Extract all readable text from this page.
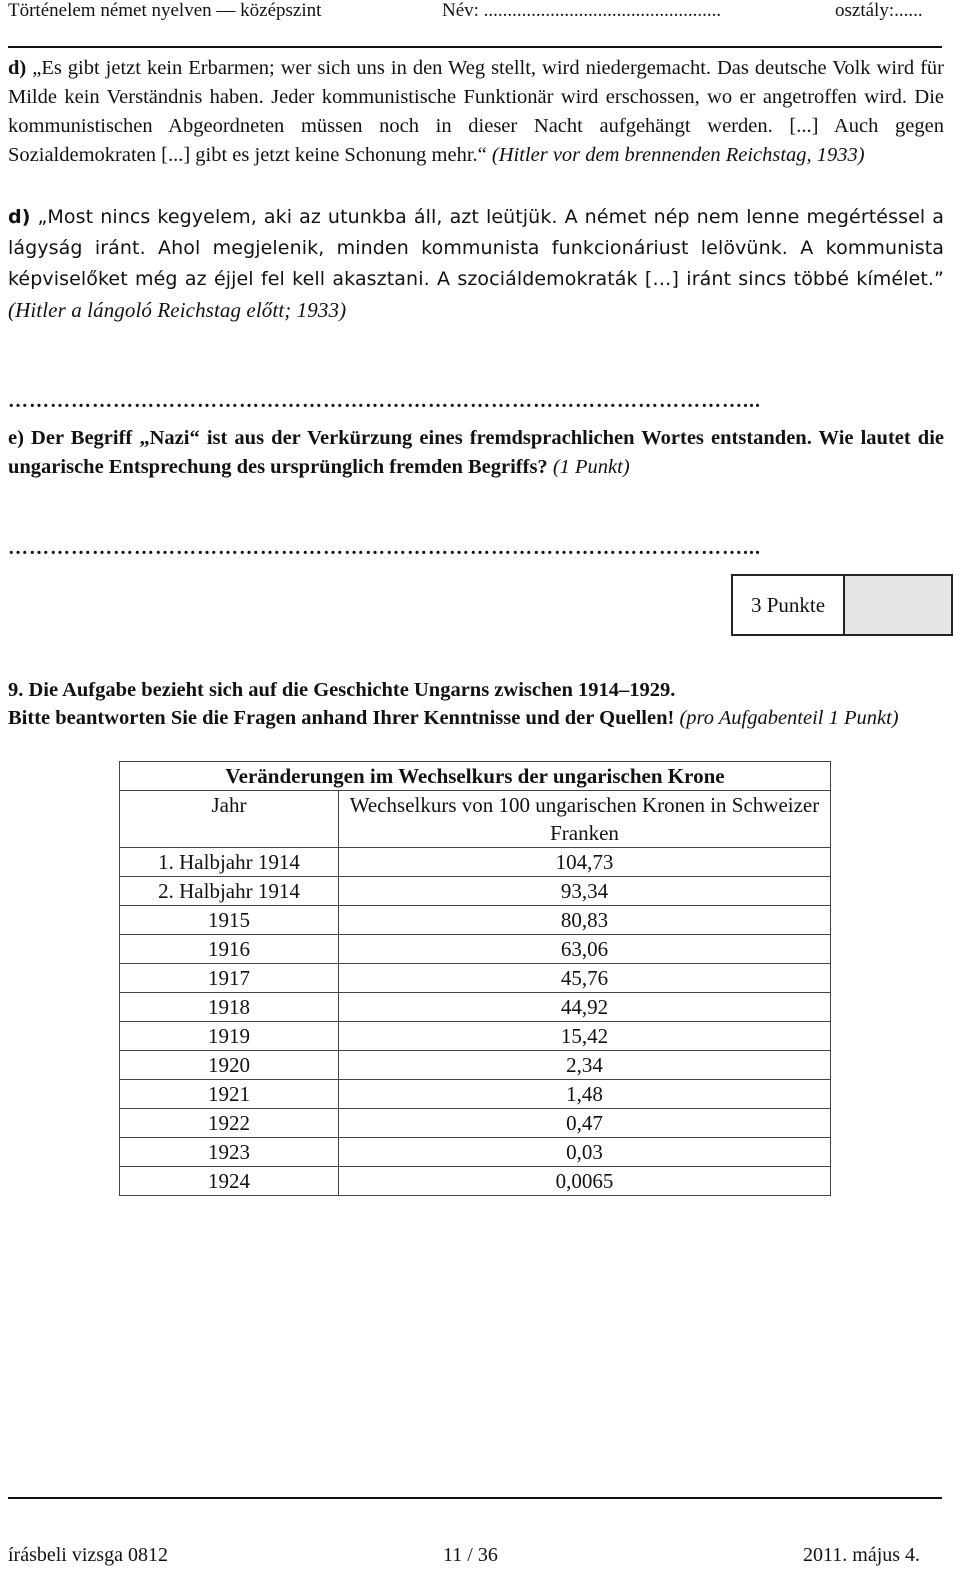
Történelem német nyelven — középszint	Név: ..................................................	osztály:......
d) „Es gibt jetzt kein Erbarmen; wer sich uns in den Weg stellt, wird niedergemacht. Das deutsche Volk wird für Milde kein Verständnis haben. Jeder kommunistische Funktionär wird erschossen, wo er angetroffen wird. Die kommunistischen Abgeordneten müssen noch in dieser Nacht aufgehängt werden. [...] Auch gegen Sozialdemokraten [...] gibt es jetzt keine Schonung mehr.“ (Hitler vor dem brennenden Reichstag, 1933)
d) „Most nincs kegyelem, aki az utunkba áll, azt leütjük. A német nép nem lenne megértéssel a lágyság iránt. Ahol megjelenik, minden kommunista funkcionáriust lelövünk. A kommunista képviselőket még az éjjel fel kell akasztani. A szociáldemokraták […] iránt sincs többé kímélet.” (Hitler a lángoló Reichstag előtt; 1933)
……………………………………………………………………………………………...
e) Der Begriff „Nazi“ ist aus der Verkürzung eines fremdsprachlichen Wortes entstanden. Wie lautet die ungarische Entsprechung des ursprünglich fremden Begriffs? (1 Punkt)
……………………………………………………………………………………………...
3 Punkte
9. Die Aufgabe bezieht sich auf die Geschichte Ungarns zwischen 1914–1929.
Bitte beantworten Sie die Fragen anhand Ihrer Kenntnisse und der Quellen! (pro Aufgabenteil 1 Punkt)
Veränderungen im Wechselkurs der ungarischen Krone	
Jahr	Wechselkurs von 100 ungarischen Kronen in Schweizer Franken
1. Halbjahr 1914	104,73
2. Halbjahr 1914	93,34
1915	80,83
1916	63,06
1917	45,76
1918	44,92
1919	15,42
1920	2,34
1921	1,48
1922	0,47
1923	0,03
1924	0,0065
írásbeli vizsga 0812	11 / 36	2011. május 4.
